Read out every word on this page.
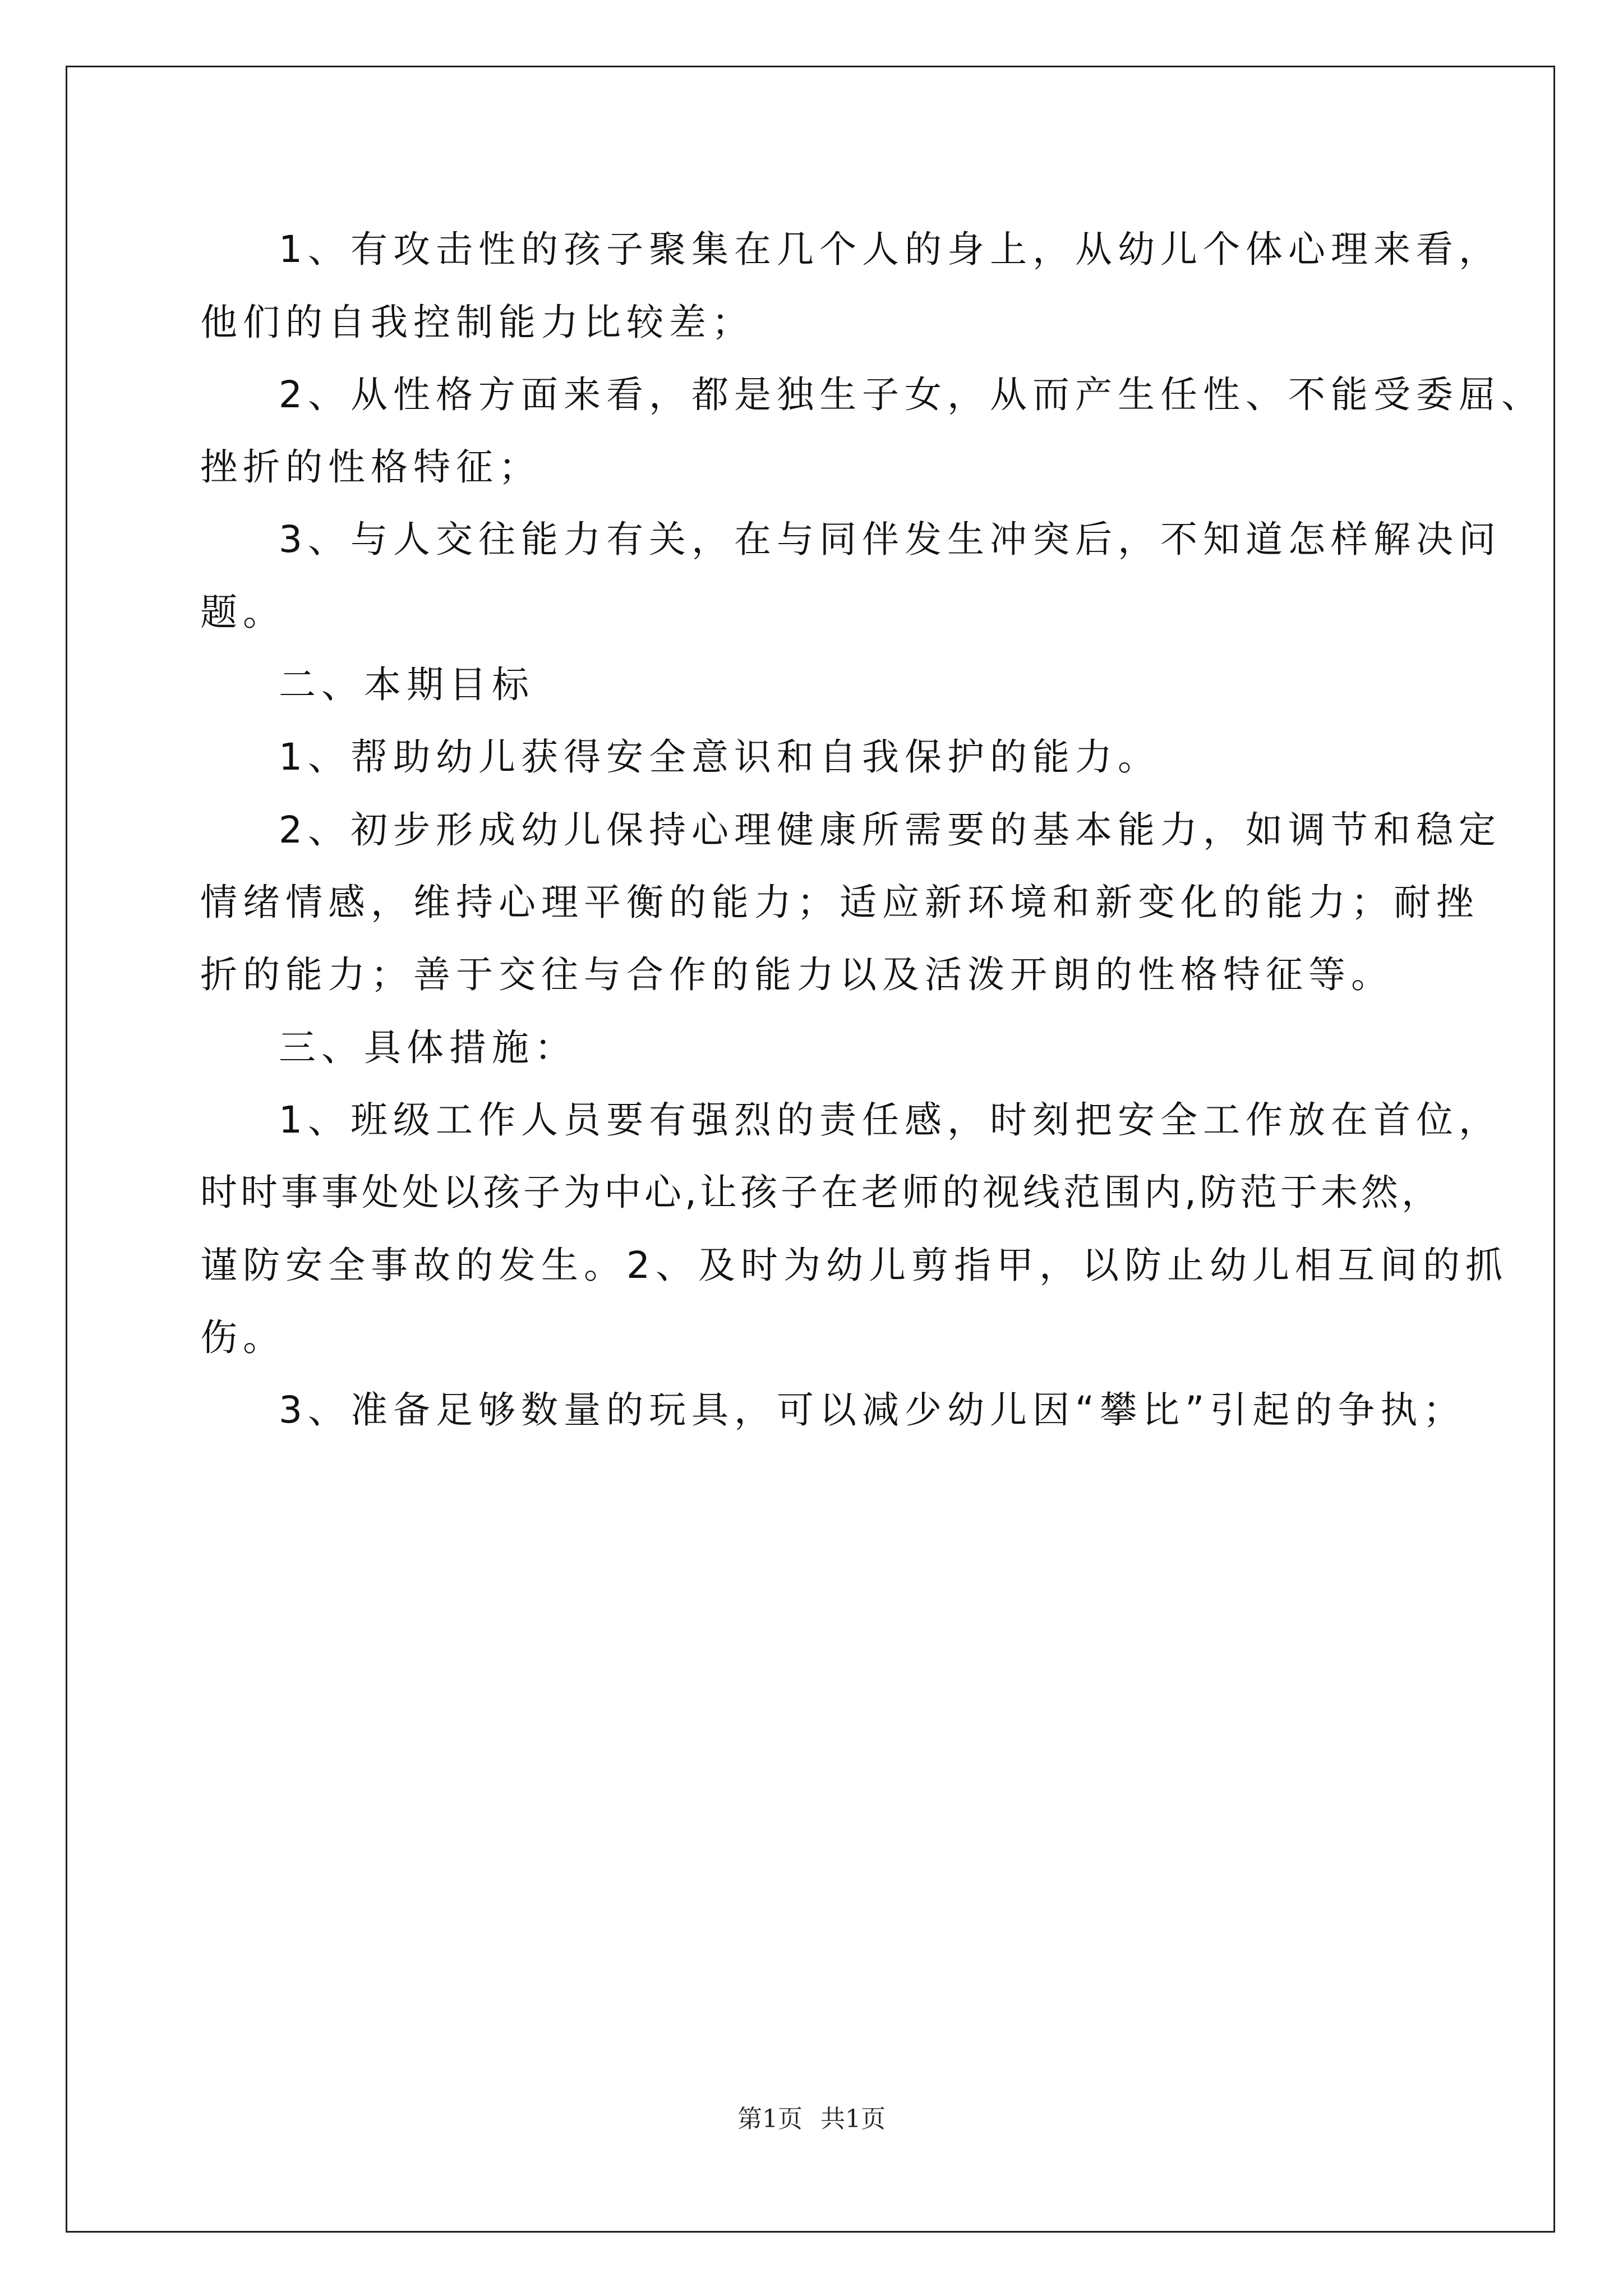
1、有攻击性的孩子聚集在几个人的身上，从幼儿个体心理来看，
他们的自我控制能力比较差；
2、从性格方面来看，都是独生子女，从而产生任性、不能受委屈、
挫折的性格特征；
3、与人交往能力有关，在与同伴发生冲突后，不知道怎样解决问
题。
二、本期目标
1、帮助幼儿获得安全意识和自我保护的能力。
2、初步形成幼儿保持心理健康所需要的基本能力，如调节和稳定
情绪情感，维持心理平衡的能力；适应新环境和新变化的能力；耐挫
折的能力；善于交往与合作的能力以及活泼开朗的性格特征等。
三、具体措施：
1、班级工作人员要有强烈的责任感，时刻把安全工作放在首位，
时时事事处处以孩子为中心,让孩子在老师的视线范围内,防范于未然，
谨防安全事故的发生。2、及时为幼儿剪指甲，以防止幼儿相互间的抓
伤。
3、准备足够数量的玩具，可以减少幼儿因“攀比”引起的争执；
第1页 共1页
